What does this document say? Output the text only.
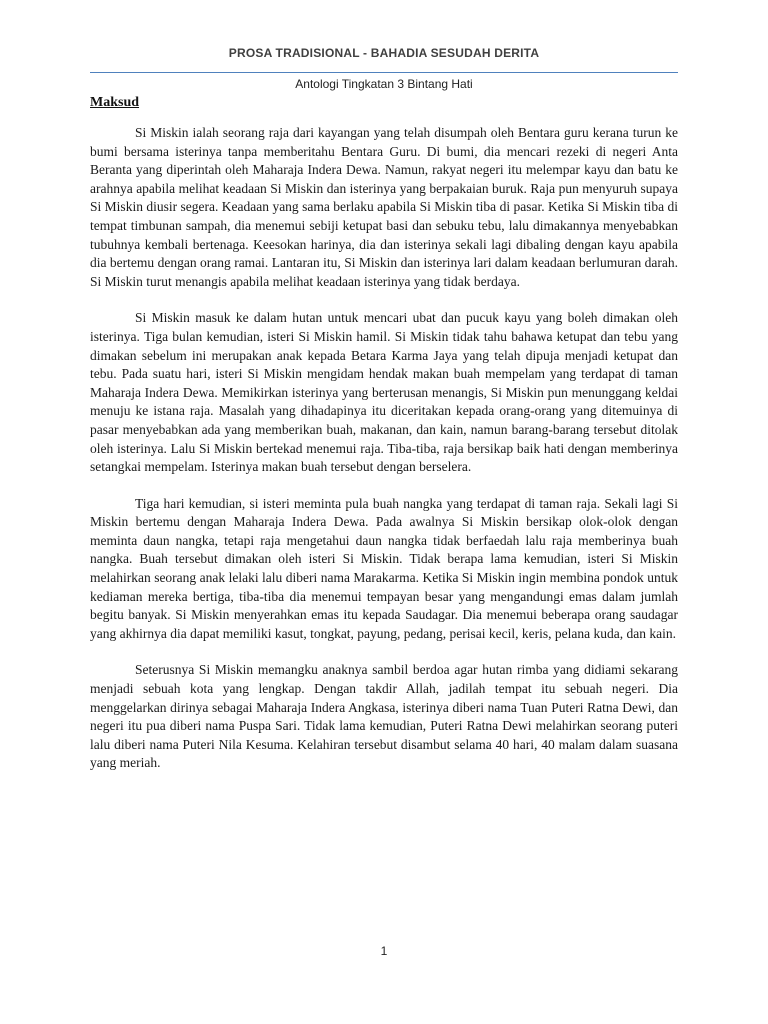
PROSA TRADISIONAL - BAHADIA SESUDAH DERITA
Antologi Tingkatan 3 Bintang Hati
Maksud

Si Miskin ialah seorang raja dari kayangan yang telah disumpah oleh Bentara guru kerana turun ke bumi bersama isterinya tanpa memberitahu Bentara Guru. Di bumi, dia mencari rezeki di negeri Anta Beranta yang diperintah oleh Maharaja Indera Dewa. Namun, rakyat negeri itu melempar kayu dan batu ke arahnya apabila melihat keadaan Si Miskin dan isterinya yang berpakaian buruk. Raja pun menyuruh supaya Si Miskin diusir segera. Keadaan yang sama berlaku apabila Si Miskin tiba di pasar. Ketika Si Miskin tiba di tempat timbunan sampah, dia menemui sebiji ketupat basi dan sebuku tebu, lalu dimakannya menyebabkan tubuhnya kembali bertenaga. Keesokan harinya, dia dan isterinya sekali lagi dibaling dengan kayu apabila dia bertemu dengan orang ramai. Lantaran itu, Si Miskin dan isterinya lari dalam keadaan berlumuran darah. Si Miskin turut menangis apabila melihat keadaan isterinya yang tidak berdaya.

Si Miskin masuk ke dalam hutan untuk mencari ubat dan pucuk kayu yang boleh dimakan oleh isterinya. Tiga bulan kemudian, isteri Si Miskin hamil. Si Miskin tidak tahu bahawa ketupat dan tebu yang dimakan sebelum ini merupakan anak kepada Betara Karma Jaya yang telah dipuja menjadi ketupat dan tebu. Pada suatu hari, isteri Si Miskin mengidam hendak makan buah mempelam yang terdapat di taman Maharaja Indera Dewa. Memikirkan isterinya yang berterusan menangis, Si Miskin pun menunggang keldai menuju ke istana raja. Masalah yang dihadapinya itu diceritakan kepada orang-orang yang ditemuinya di pasar menyebabkan ada yang memberikan buah, makanan, dan kain, namun barang-barang tersebut ditolak oleh isterinya. Lalu Si Miskin bertekad menemui raja. Tiba-tiba, raja bersikap baik hati dengan memberinya setangkai mempelam. Isterinya makan buah tersebut dengan berselera.

Tiga hari kemudian, si isteri meminta pula buah nangka yang terdapat di taman raja. Sekali lagi Si Miskin bertemu dengan Maharaja Indera Dewa. Pada awalnya Si Miskin bersikap olok-olok dengan meminta daun nangka, tetapi raja mengetahui daun nangka tidak berfaedah lalu raja memberinya buah nangka. Buah tersebut dimakan oleh isteri Si Miskin. Tidak berapa lama kemudian, isteri Si Miskin melahirkan seorang anak lelaki lalu diberi nama Marakarma. Ketika Si Miskin ingin membina pondok untuk kediaman mereka bertiga, tiba-tiba dia menemui tempayan besar yang mengandungi emas dalam jumlah begitu banyak. Si Miskin menyerahkan emas itu kepada Saudagar. Dia menemui beberapa orang saudagar yang akhirnya dia dapat memiliki kasut, tongkat, payung, pedang, perisai kecil, keris, pelana kuda, dan kain.

Seterusnya Si Miskin memangku anaknya sambil berdoa agar hutan rimba yang didiami sekarang menjadi sebuah kota yang lengkap. Dengan takdir Allah, jadilah tempat itu sebuah negeri. Dia menggelarkan dirinya sebagai Maharaja Indera Angkasa, isterinya diberi nama Tuan Puteri Ratna Dewi, dan negeri itu pua diberi nama Puspa Sari. Tidak lama kemudian, Puteri Ratna Dewi melahirkan seorang puteri lalu diberi nama Puteri Nila Kesuma. Kelahiran tersebut disambut selama 40 hari, 40 malam dalam suasana yang meriah.

1
